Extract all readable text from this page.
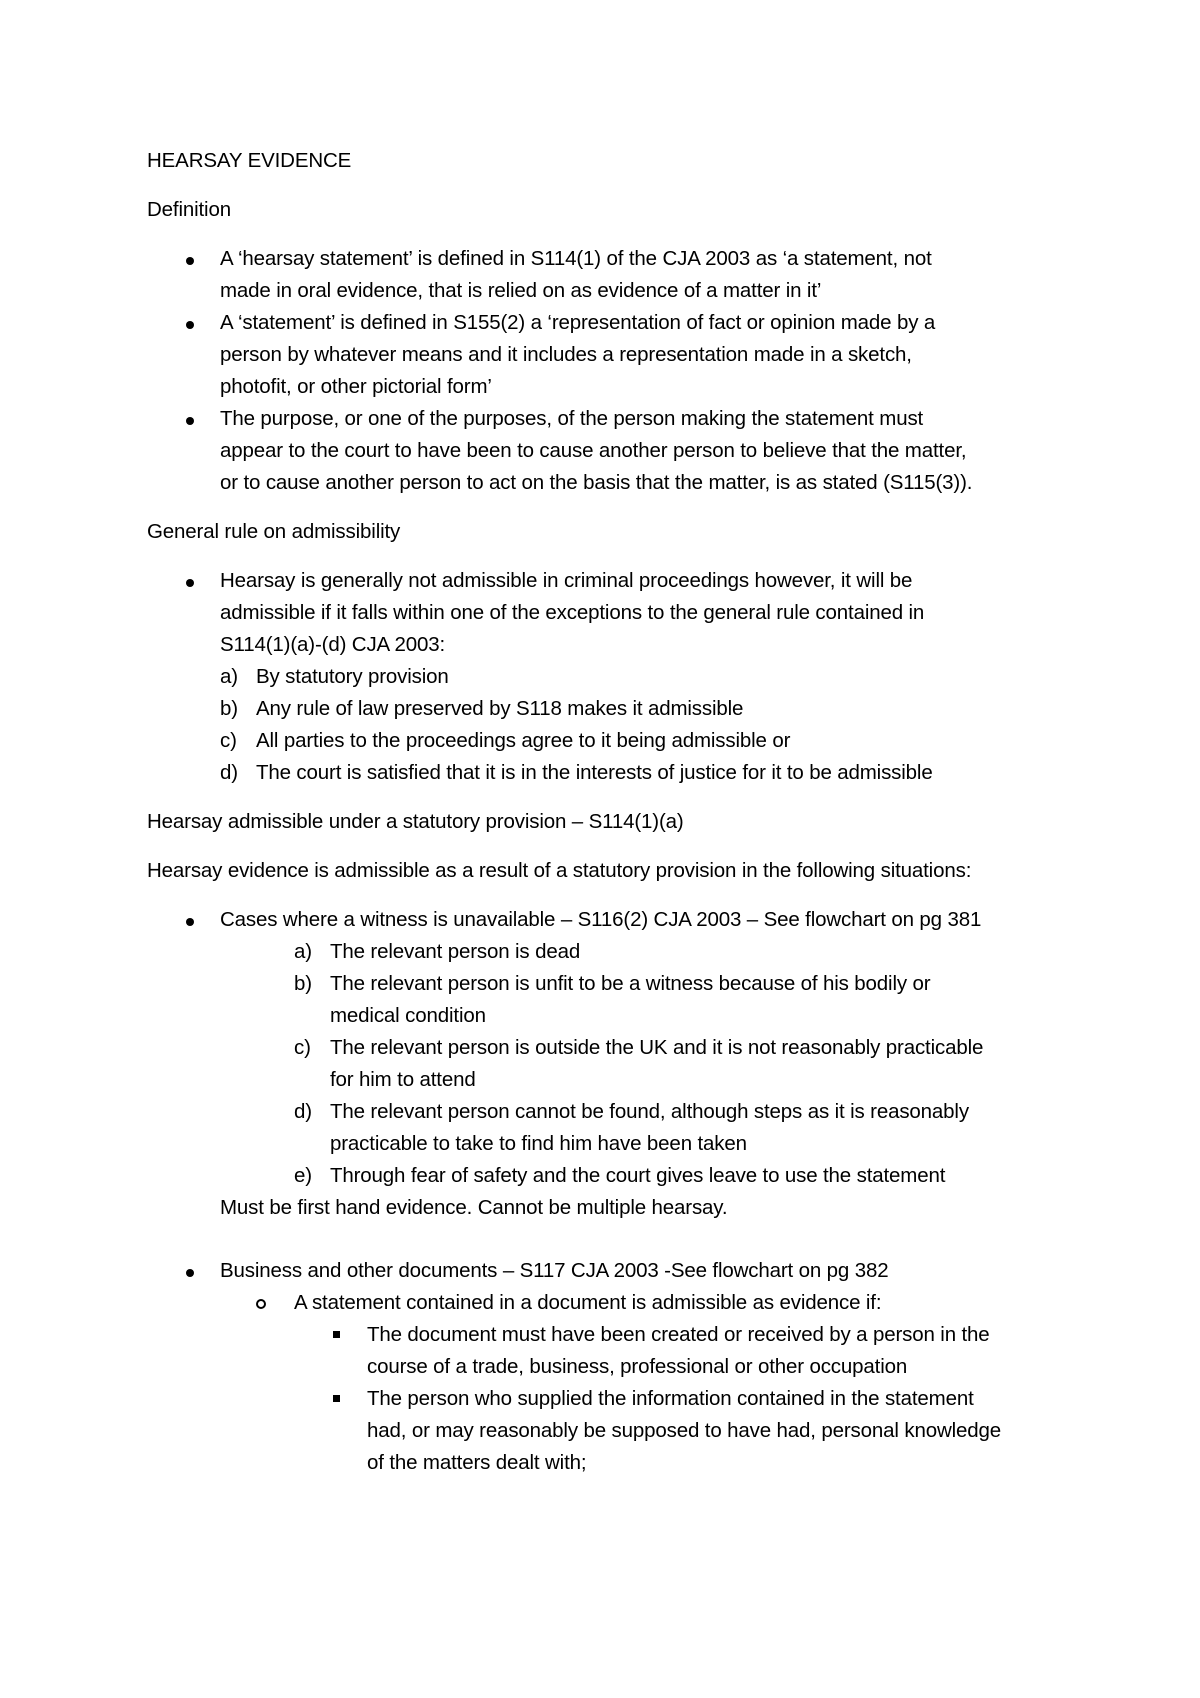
HEARSAY EVIDENCE
Definition
A ‘hearsay statement’ is defined in S114(1) of the CJA 2003 as ‘a statement, not
made in oral evidence, that is relied on as evidence of a matter in it’
A ‘statement’ is defined in S155(2) a ‘representation of fact or opinion made by a
person by whatever means and it includes a representation made in a sketch,
photofit, or other pictorial form’
The purpose, or one of the purposes, of the person making the statement must
appear to the court to have been to cause another person to believe that the matter,
or to cause another person to act on the basis that the matter, is as stated (S115(3)).
General rule on admissibility
Hearsay is generally not admissible in criminal proceedings however, it will be
admissible if it falls within one of the exceptions to the general rule contained in
S114(1)(a)-(d) CJA 2003:
a) By statutory provision
b) Any rule of law preserved by S118 makes it admissible
c) All parties to the proceedings agree to it being admissible or
d) The court is satisfied that it is in the interests of justice for it to be admissible
Hearsay admissible under a statutory provision – S114(1)(a)
Hearsay evidence is admissible as a result of a statutory provision in the following situations:
Cases where a witness is unavailable – S116(2) CJA 2003 – See flowchart on pg 381
a) The relevant person is dead
b) The relevant person is unfit to be a witness because of his bodily or
medical condition
c) The relevant person is outside the UK and it is not reasonably practicable
for him to attend
d) The relevant person cannot be found, although steps as it is reasonably
practicable to take to find him have been taken
e) Through fear of safety and the court gives leave to use the statement
Must be first hand evidence. Cannot be multiple hearsay.
Business and other documents – S117 CJA 2003 -See flowchart on pg 382
A statement contained in a document is admissible as evidence if:
The document must have been created or received by a person in the
course of a trade, business, professional or other occupation
The person who supplied the information contained in the statement
had, or may reasonably be supposed to have had, personal knowledge
of the matters dealt with;
